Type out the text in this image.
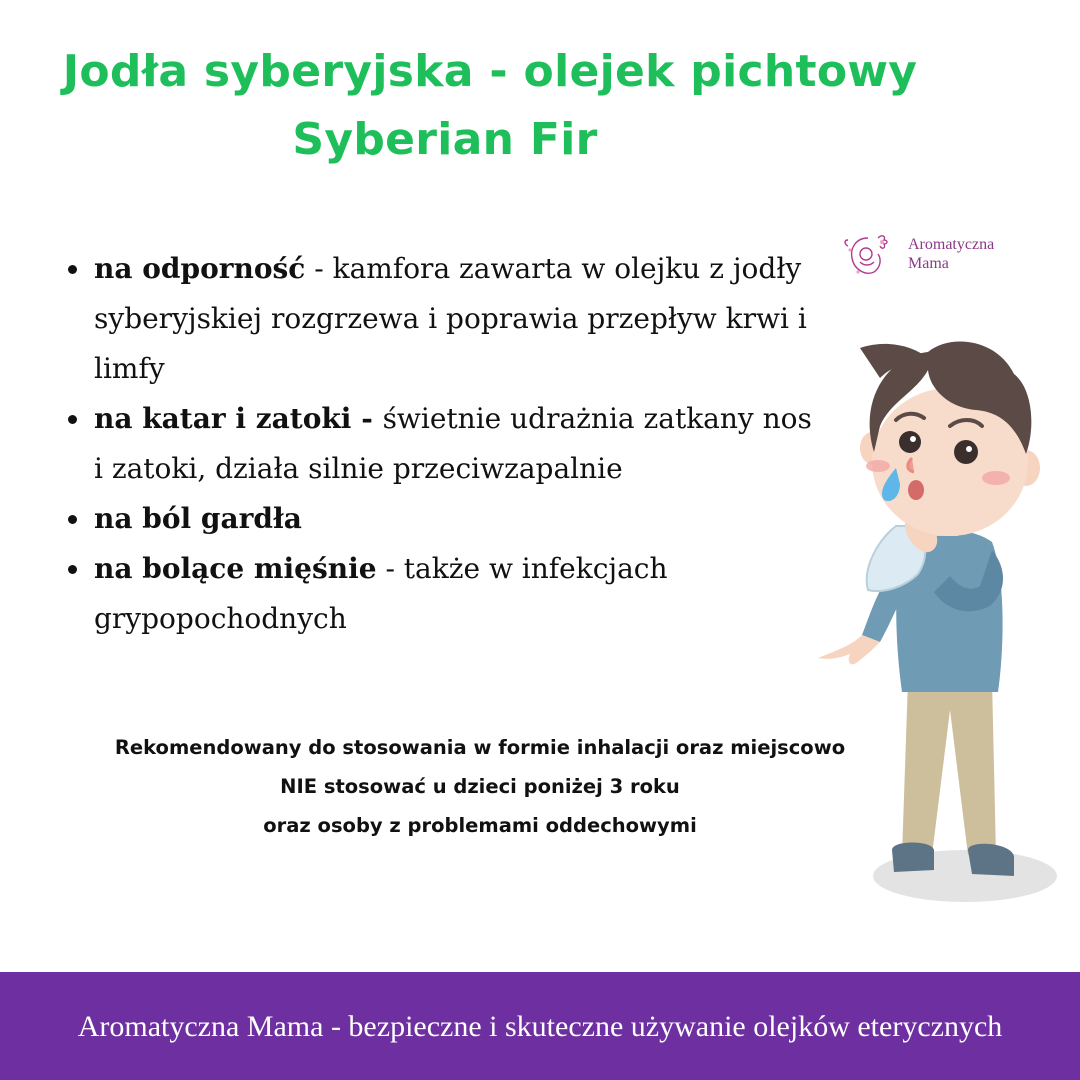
Jodła syberyjska - olejek pichtowy
Syberian Fir
Aromatyczna
Mama
na odporność - kamfora zawarta w olejku z jodły syberyjskiej rozgrzewa i poprawia przepływ krwi i limfy
na katar i zatoki - świetnie udrażnia zatkany nos i zatoki, działa silnie przeciwzapalnie
na ból gardła
na bolące mięśnie - także w infekcjach grypopochodnych

Rekomendowany do stosowania w formie inhalacji oraz miejscowo

NIE stosować u dzieci poniżej 3 roku

oraz osoby z problemami oddechowymi

Aromatyczna Mama - bezpieczne i skuteczne używanie olejków eterycznych
